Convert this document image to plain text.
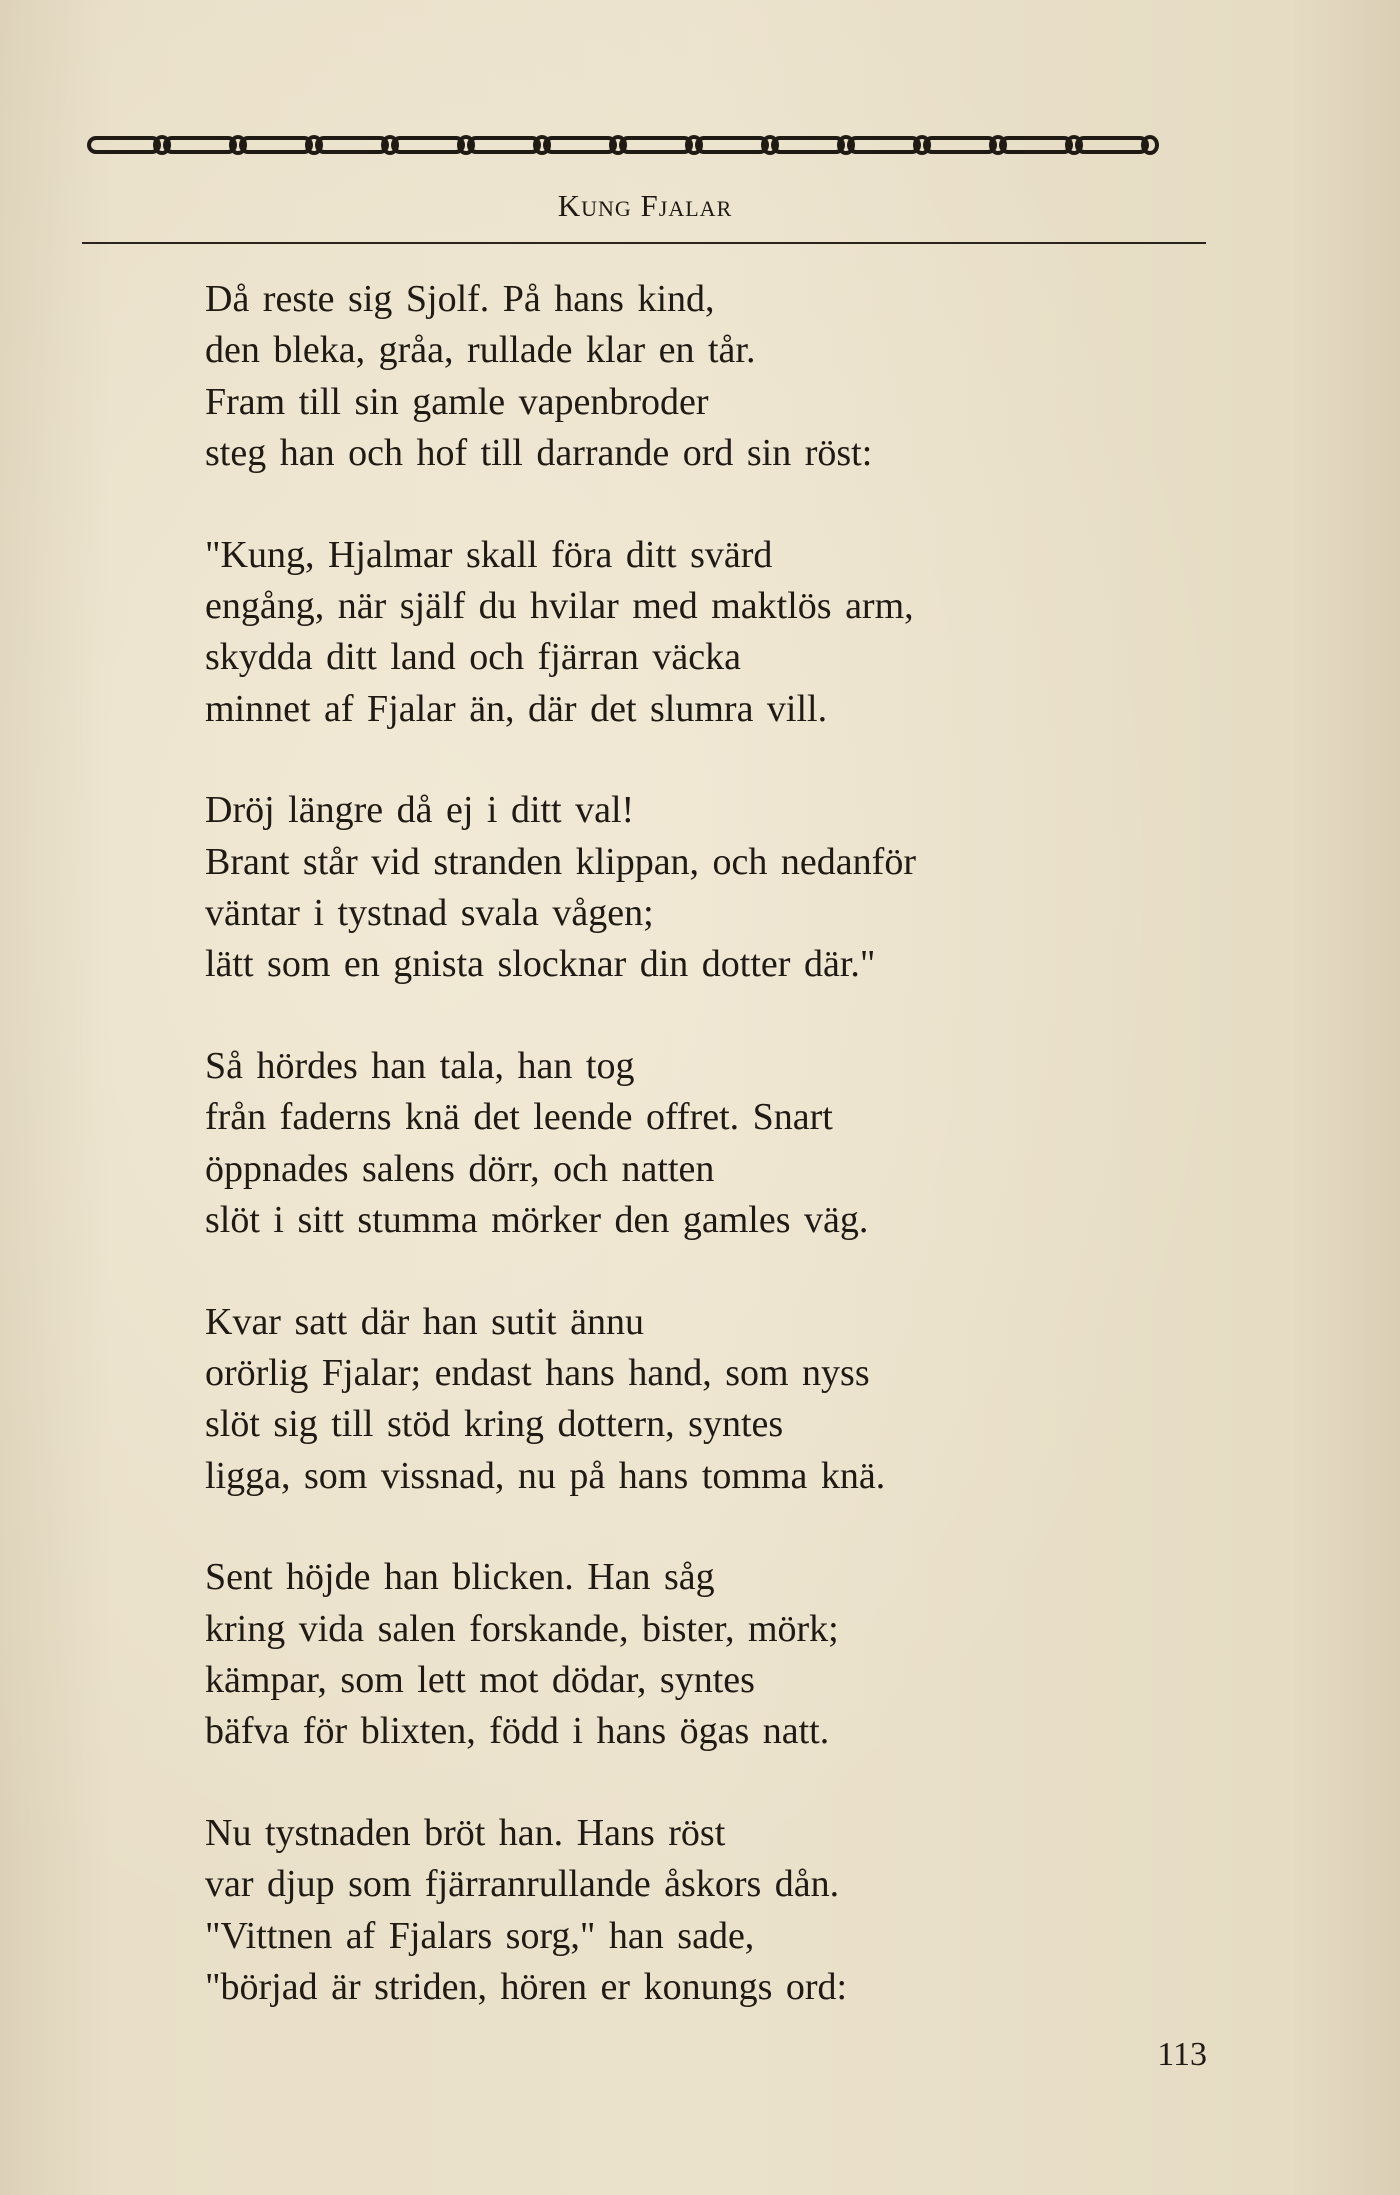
Kung Fjalar
Då reste sig Sjolf. På hans kind,
den bleka, gråa, rullade klar en tår.
Fram till sin gamle vapenbroder
steg han och hof till darrande ord sin röst:
"Kung, Hjalmar skall föra ditt svärd
engång, när själf du hvilar med maktlös arm,
skydda ditt land och fjärran väcka
minnet af Fjalar än, där det slumra vill.
Dröj längre då ej i ditt val!
Brant står vid stranden klippan, och nedanför
väntar i tystnad svala vågen;
lätt som en gnista slocknar din dotter där."
Så hördes han tala, han tog
från faderns knä det leende offret. Snart
öppnades salens dörr, och natten
slöt i sitt stumma mörker den gamles väg.
Kvar satt där han sutit ännu
orörlig Fjalar; endast hans hand, som nyss
slöt sig till stöd kring dottern, syntes
ligga, som vissnad, nu på hans tomma knä.
Sent höjde han blicken. Han såg
kring vida salen forskande, bister, mörk;
kämpar, som lett mot dödar, syntes
bäfva för blixten, född i hans ögas natt.
Nu tystnaden bröt han. Hans röst
var djup som fjärranrullande åskors dån.
"Vittnen af Fjalars sorg," han sade,
"börjad är striden, hören er konungs ord:
113
